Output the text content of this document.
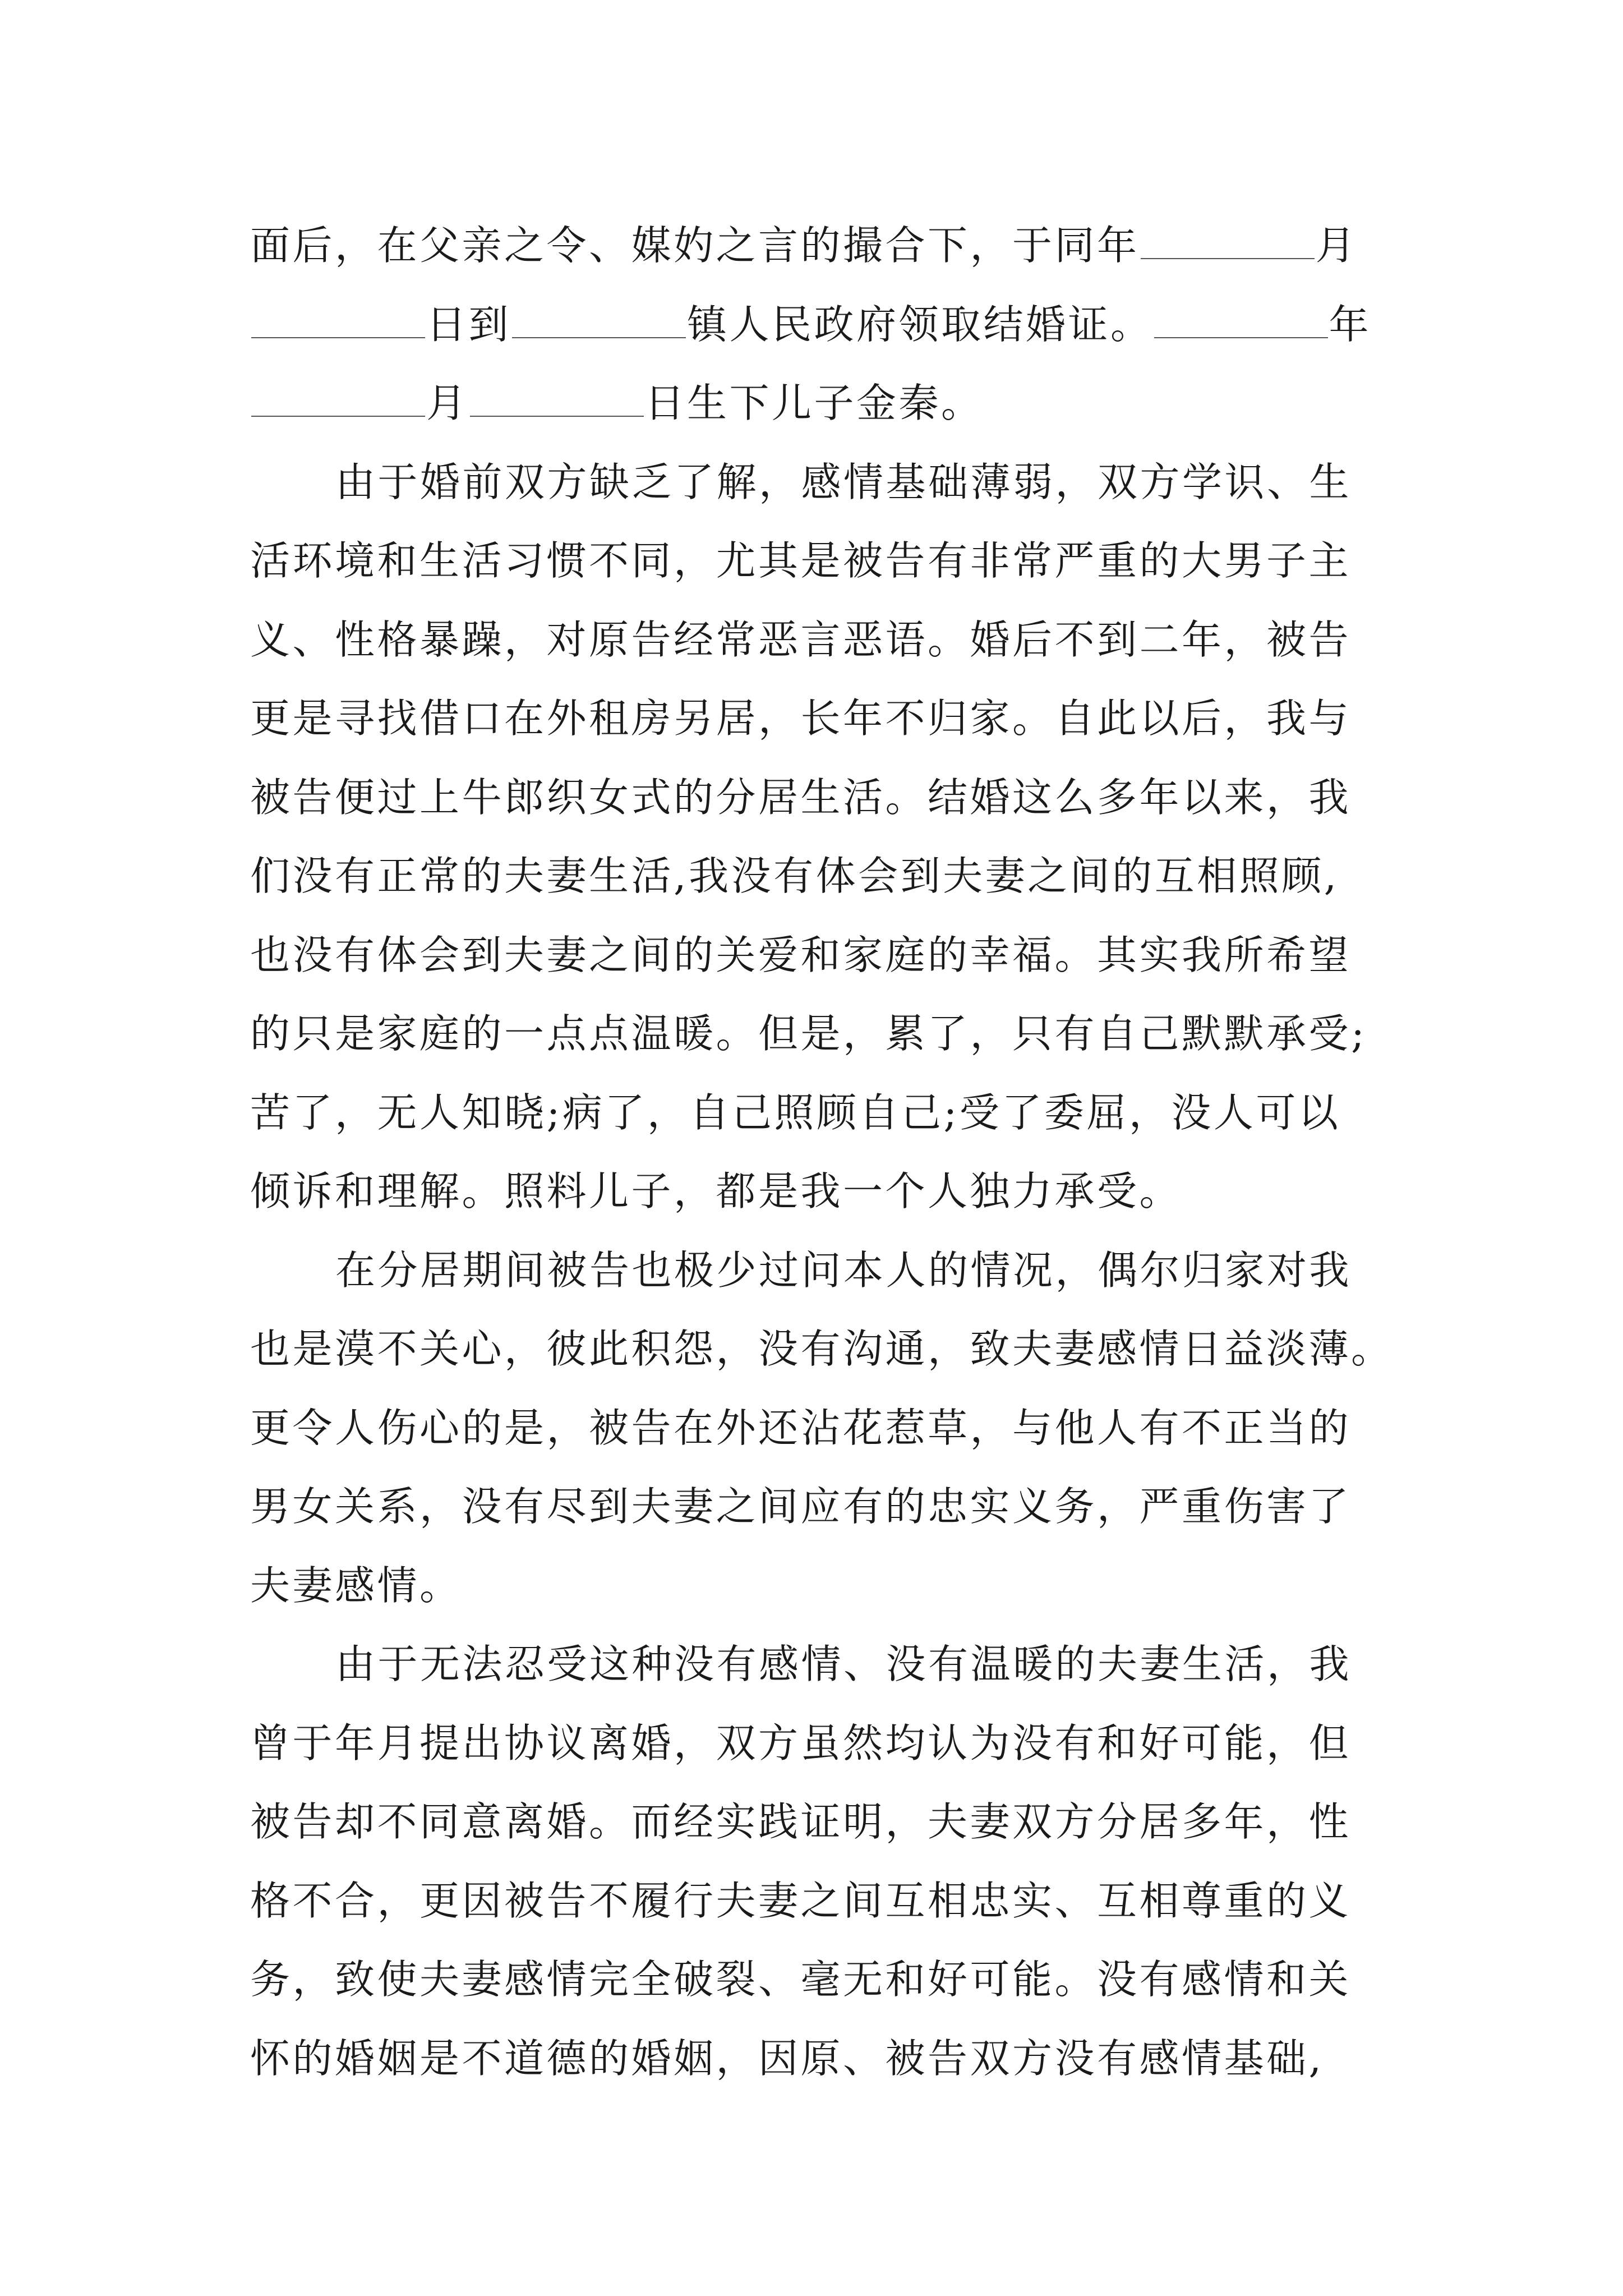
面后，在父亲之令、媒妁之言的撮合下，于同年	月
日到	镇人民政府领取结婚证。	年
月	日生下儿子金秦。
由于婚前双方缺乏了解，感情基础薄弱，双方学识、生
活环境和生活习惯不同，尤其是被告有非常严重的大男子主
义、性格暴躁，对原告经常恶言恶语。婚后不到二年，被告
更是寻找借口在外租房另居，长年不归家。自此以后，我与
被告便过上牛郎织女式的分居生活。结婚这么多年以来，我
们没有正常的夫妻生活,我没有体会到夫妻之间的互相照顾,
也没有体会到夫妻之间的关爱和家庭的幸福。其实我所希望
的只是家庭的一点点温暖。但是，累了，只有自己默默承受;
苦了，无人知晓;病了，自己照顾自己;受了委屈，没人可以
倾诉和理解。照料儿子，都是我一个人独力承受。
在分居期间被告也极少过问本人的情况，偶尔归家对我
也是漠不关心，彼此积怨，没有沟通，致夫妻感情日益淡薄。
更令人伤心的是，被告在外还沾花惹草，与他人有不正当的
男女关系，没有尽到夫妻之间应有的忠实义务，严重伤害了
夫妻感情。
由于无法忍受这种没有感情、没有温暖的夫妻生活，我
曾于年月提出协议离婚，双方虽然均认为没有和好可能，但
被告却不同意离婚。而经实践证明，夫妻双方分居多年，性
格不合，更因被告不履行夫妻之间互相忠实、互相尊重的义
务，致使夫妻感情完全破裂、毫无和好可能。没有感情和关
怀的婚姻是不道德的婚姻，因原、被告双方没有感情基础,
